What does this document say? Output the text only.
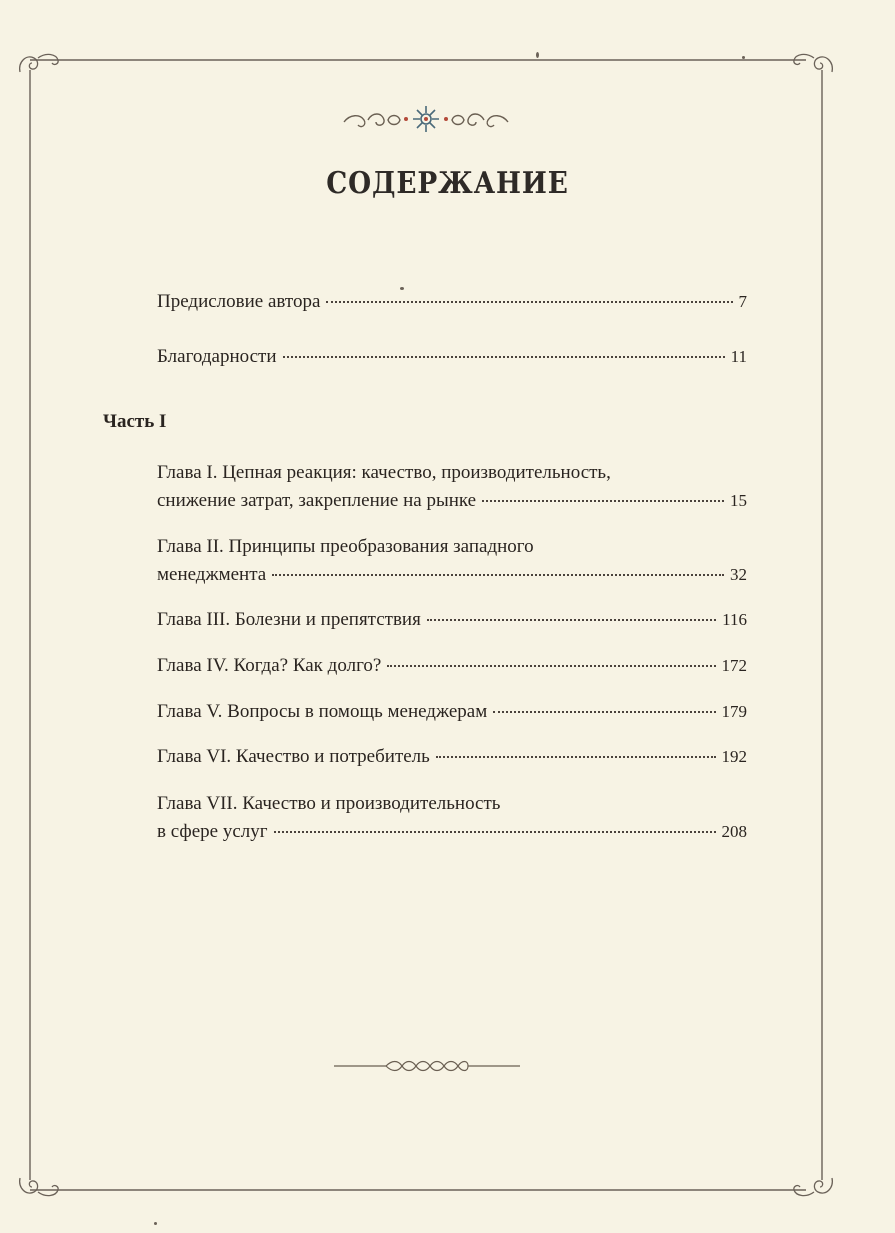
СОДЕРЖАНИЕ
Предисловие автора	7
Благодарности	11
Часть I
Глава I. Цепная реакция: качество, производительность,
снижение затрат, закрепление на рынке	15
Глава II. Принципы преобразования западного
менеджмента	32
Глава III. Болезни и препятствия	116
Глава IV. Когда? Как долго?	172
Глава V. Вопросы в помощь менеджерам	179
Глава VI. Качество и потребитель	192
Глава VII. Качество и производительность
в сфере услуг	208
